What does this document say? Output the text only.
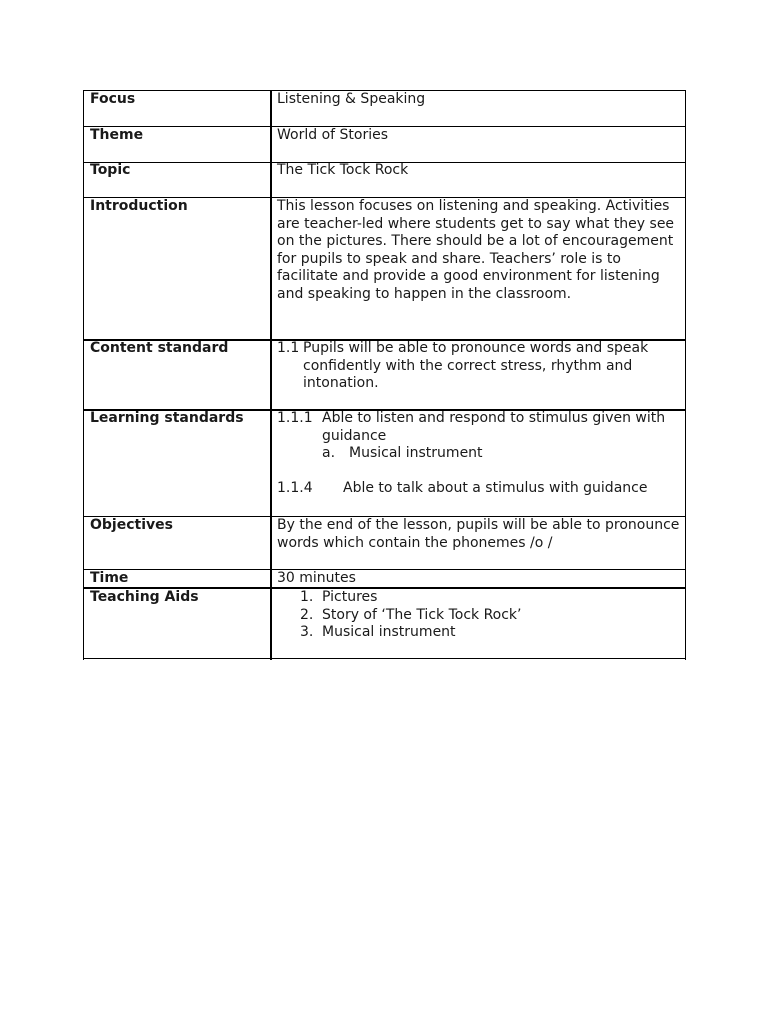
Focus	Listening & Speaking
Theme	World of Stories
Topic	The Tick Tock Rock
Introduction	This lesson focuses on listening and speaking. Activities are teacher-led where students get to say what they see on the pictures. There should be a lot of encouragement for pupils to speak and share. Teachers’ role is to facilitate and provide a good environment for listening and speaking to happen in the classroom.
Content standard	1.1 Pupils will be able to pronounce words and speak confidently with the correct stress, rhythm and intonation.
Learning standards	1.1.1 Able to listen and respond to stimulus given with guidance
a. Musical instrument
1.1.4 Able to talk about a stimulus with guidance
Objectives	By the end of the lesson, pupils will be able to pronounce words which contain the phonemes /o /
Time	30 minutes
Teaching Aids	1. Pictures
2. Story of ‘The Tick Tock Rock’
3. Musical instrument
